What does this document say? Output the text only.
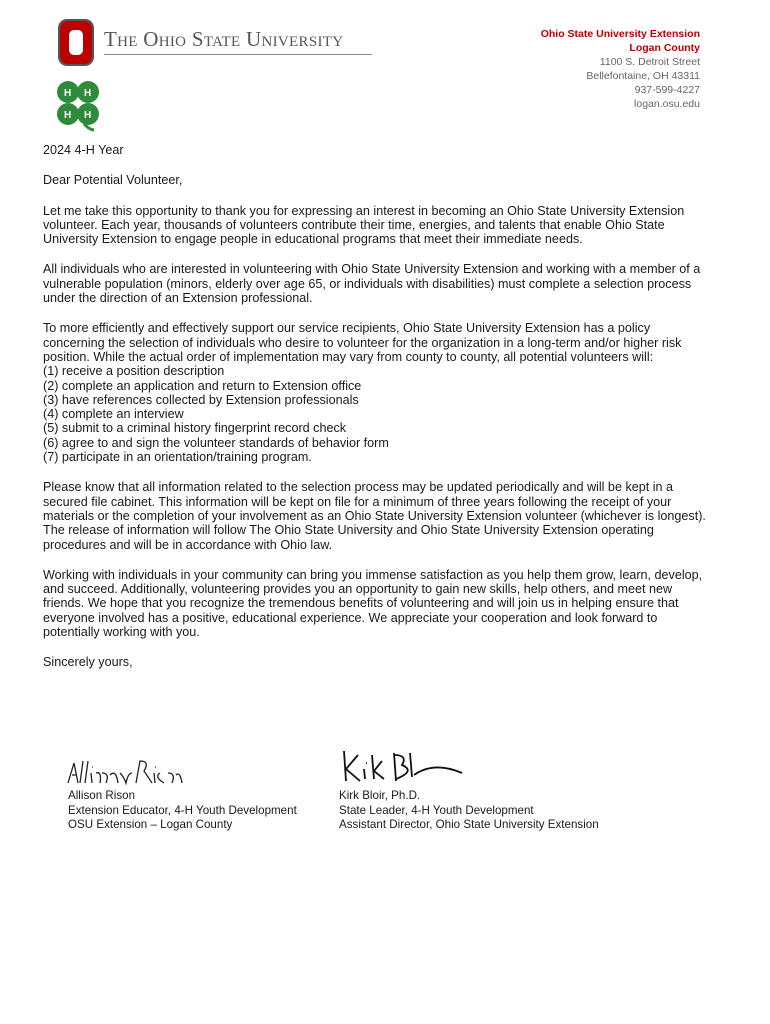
The Ohio State University
H H
H H
Ohio State University Extension
Logan County
1100 S. Detroit Street
Bellefontaine, OH 43311
937-599-4227
logan.osu.edu

2024 4-H Year

Dear Potential Volunteer,

Let me take this opportunity to thank you for expressing an interest in becoming an Ohio State University Extension volunteer. Each year, thousands of volunteers contribute their time, energies, and talents that enable Ohio State University Extension to engage people in educational programs that meet their immediate needs.

All individuals who are interested in volunteering with Ohio State University Extension and working with a member of a vulnerable population (minors, elderly over age 65, or individuals with disabilities) must complete a selection process under the direction of an Extension professional.

To more efficiently and effectively support our service recipients, Ohio State University Extension has a policy concerning the selection of individuals who desire to volunteer for the organization in a long-term and/or higher risk position. While the actual order of implementation may vary from county to county, all potential volunteers will:

(1) receive a position description

(2) complete an application and return to Extension office

(3) have references collected by Extension professionals

(4) complete an interview

(5) submit to a criminal history fingerprint record check

(6) agree to and sign the volunteer standards of behavior form

(7) participate in an orientation/training program.

Please know that all information related to the selection process may be updated periodically and will be kept in a secured file cabinet. This information will be kept on file for a minimum of three years following the receipt of your materials or the completion of your involvement as an Ohio State University Extension volunteer (whichever is longest). The release of information will follow The Ohio State University and Ohio State University Extension operating procedures and will be in accordance with Ohio law.

Working with individuals in your community can bring you immense satisfaction as you help them grow, learn, develop, and succeed. Additionally, volunteering provides you an opportunity to gain new skills, help others, and meet new friends. We hope that you recognize the tremendous benefits of volunteering and will join us in helping ensure that everyone involved has a positive, educational experience. We appreciate your cooperation and look forward to potentially working with you.

Sincerely yours,

Allison Rison
Extension Educator, 4-H Youth Development
OSU Extension – Logan County
Kirk Bloir, Ph.D.
State Leader, 4-H Youth Development
Assistant Director, Ohio State University Extension
